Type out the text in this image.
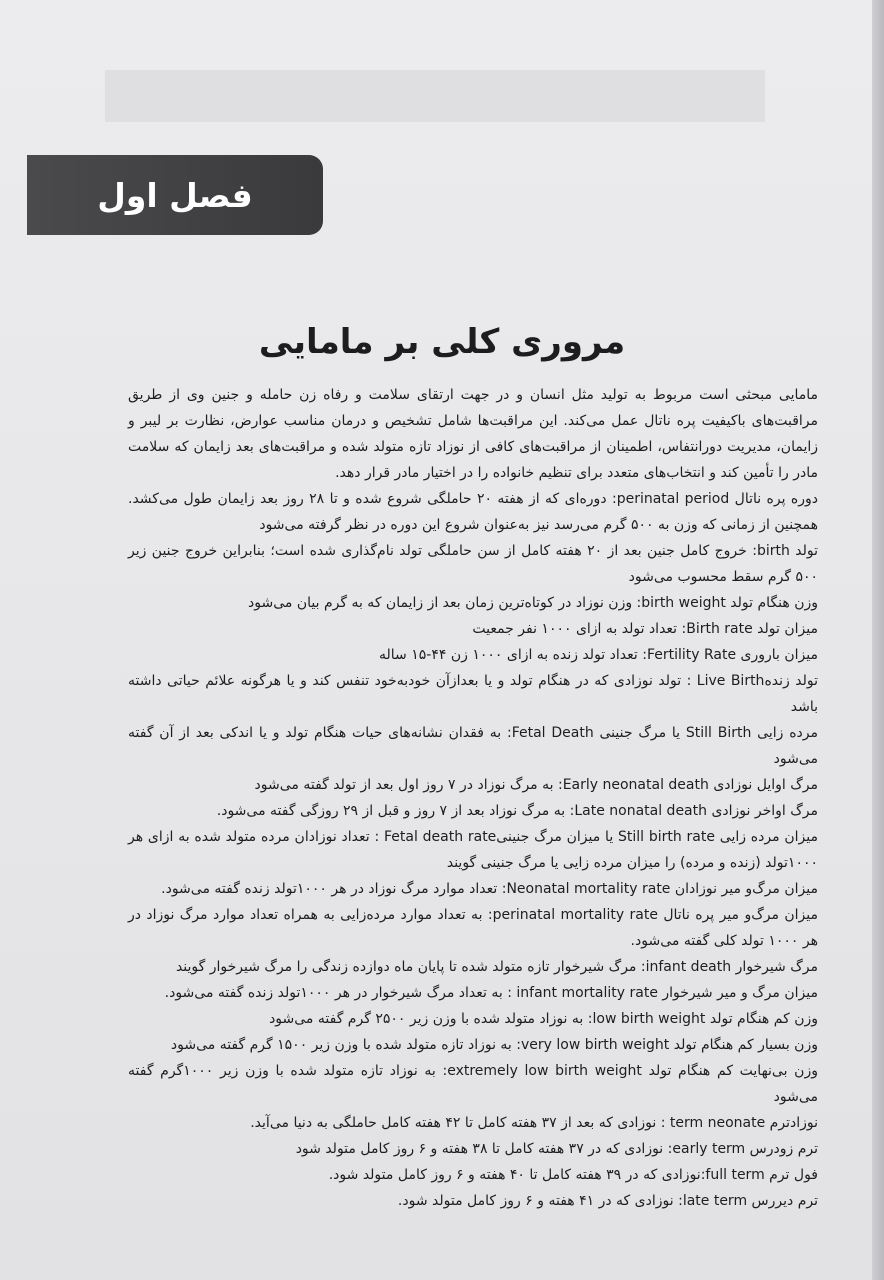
فصل اول
مروری کلی بر مامایی

مامایی مبحثی است مربوط به تولید مثل انسان و در جهت ارتقای سلامت و رفاه زن حامله و جنین وی از طریق مراقبت‌های باکیفیت پره ناتال عمل می‌کند. این مراقبت‌ها شامل تشخیص و درمان مناسب عوارض، نظارت بر لیبر و زایمان، مدیریت دورانتفاس، اطمینان از مراقبت‌های کافی از نوزاد تازه متولد شده و مراقبت‌های بعد زایمان که سلامت مادر را تأمین کند و انتخاب‌های متعدد برای تنظیم خانواده را در اختیار مادر قرار دهد.

دوره پره ناتال perinatal period: دوره‌ای که از هفته ۲۰ حاملگی شروع شده و تا ۲۸ روز بعد زایمان طول می‌کشد. همچنین از زمانی که وزن به ۵۰۰ گرم می‌رسد نیز به‌عنوان شروع این دوره در نظر گرفته می‌شود

تولد birth: خروج کامل جنین بعد از ۲۰ هفته کامل از سن حاملگی تولد نام‌گذاری شده است؛ بنابراین خروج جنین زیر ۵۰۰ گرم سقط محسوب می‌شود

وزن هنگام تولد birth weight: وزن نوزاد در کوتاه‌ترین زمان بعد از زایمان که به گرم بیان می‌شود

میزان تولد Birth rate: تعداد تولد به ازای ۱۰۰۰ نفر جمعیت

میزان باروری Fertility Rate: تعداد تولد زنده به ازای ۱۰۰۰ زن ۴۴-۱۵ ساله

تولد زندهLive Birth : تولد نوزادی که در هنگام تولد و یا بعدازآن خودبه‌خود تنفس کند و یا هرگونه علائم حیاتی داشته باشد

مرده زایی Still Birth یا مرگ جنینی Fetal Death: به فقدان نشانه‌های حیات هنگام تولد و یا اندکی بعد از آن گفته می‌شود

مرگ اوایل نوزادی Early neonatal death: به مرگ نوزاد در ۷ روز اول بعد از تولد گفته می‌شود

مرگ اواخر نوزادی Late nonatal death: به مرگ نوزاد بعد از ۷ روز و قبل از ۲۹ روزگی گفته می‌شود.

میزان مرده زایی Still birth rate یا میزان مرگ جنینیFetal death rate : تعداد نوزادان مرده متولد شده به ازای هر ۱۰۰۰تولد (زنده و مرده) را میزان مرده زایی یا مرگ جنینی گویند

میزان مرگ‌و میر نوزادان Neonatal mortality rate: تعداد موارد مرگ نوزاد در هر ۱۰۰۰تولد زنده گفته می‌شود.

میزان مرگ‌و میر پره ناتال perinatal mortality rate: به تعداد موارد مرده‌زایی به همراه تعداد موارد مرگ نوزاد در هر ۱۰۰۰ تولد کلی گفته می‌شود.

مرگ شیرخوار infant death: مرگ شیرخوار تازه متولد شده تا پایان ماه دوازده زندگی را مرگ شیرخوار گویند

میزان مرگ و میر شیرخوار infant mortality rate : به تعداد مرگ شیرخوار در هر ۱۰۰۰تولد زنده گفته می‌شود.

وزن کم هنگام تولد low birth weight: به نوزاد متولد شده با وزن زیر ۲۵۰۰ گرم گفته می‌شود

وزن بسیار کم هنگام تولد very low birth weight: به نوزاد تازه متولد شده با وزن زیر ۱۵۰۰ گرم گفته می‌شود

وزن بی‌نهایت کم هنگام تولد extremely low birth weight: به نوزاد تازه متولد شده با وزن زیر ۱۰۰۰گرم گفته می‌شود

نوزادترم term neonate : نوزادی که بعد از ۳۷ هفته کامل تا ۴۲ هفته کامل حاملگی به دنیا می‌آید.

ترم زودرس early term: نوزادی که در ۳۷ هفته کامل تا ۳۸ هفته و ۶ روز کامل متولد شود

فول ترم full term:نوزادی که در ۳۹ هفته کامل تا ۴۰ هفته و ۶ روز کامل متولد شود.

ترم دیررس late term: نوزادی که در ۴۱ هفته و ۶ روز کامل متولد شود.
